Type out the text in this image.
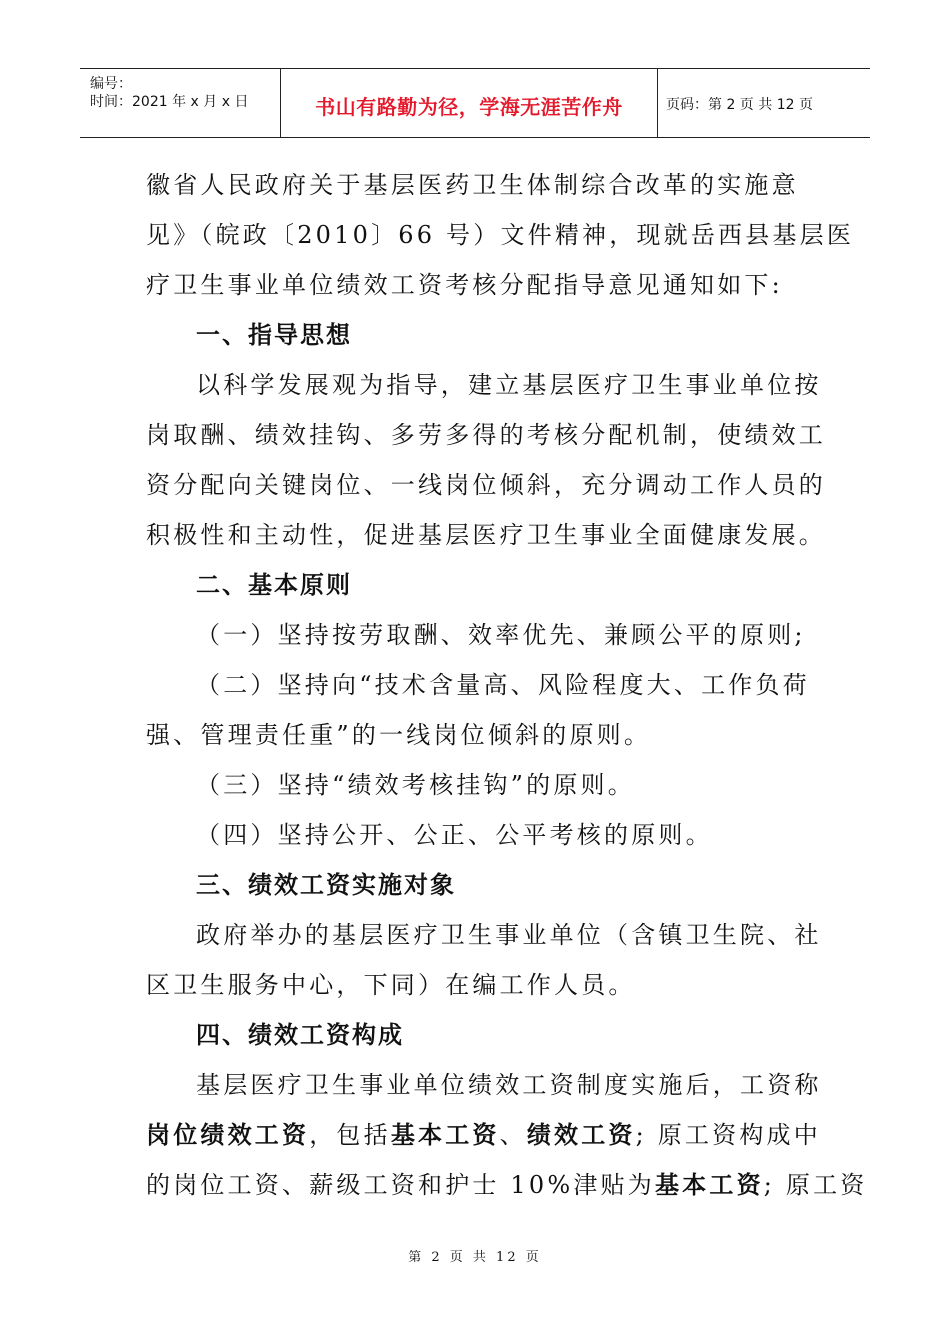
编号：
时间：2021 年 x 月 x 日	书山有路勤为径，学海无涯苦作舟	页码：第 2 页 共 12 页
徽省人民政府关于基层医药卫生体制综合改革的实施意
见》（皖政〔2010〕66 号）文件精神，现就岳西县基层医
疗卫生事业单位绩效工资考核分配指导意见通知如下:
一、指导思想
以科学发展观为指导，建立基层医疗卫生事业单位按
岗取酬、绩效挂钩、多劳多得的考核分配机制，使绩效工
资分配向关键岗位、一线岗位倾斜，充分调动工作人员的
积极性和主动性，促进基层医疗卫生事业全面健康发展。
二、基本原则
（一）坚持按劳取酬、效率优先、兼顾公平的原则;
（二）坚持向“技术含量高、风险程度大、工作负荷
强、管理责任重”的一线岗位倾斜的原则。
（三）坚持“绩效考核挂钩”的原则。
（四）坚持公开、公正、公平考核的原则。
三、绩效工资实施对象
政府举办的基层医疗卫生事业单位（含镇卫生院、社
区卫生服务中心，下同）在编工作人员。
四、绩效工资构成
基层医疗卫生事业单位绩效工资制度实施后，工资称
岗位绩效工资，包括基本工资、绩效工资; 原工资构成中
的岗位工资、薪级工资和护士 10%津贴为基本工资; 原工资
第 2 页 共 12 页
